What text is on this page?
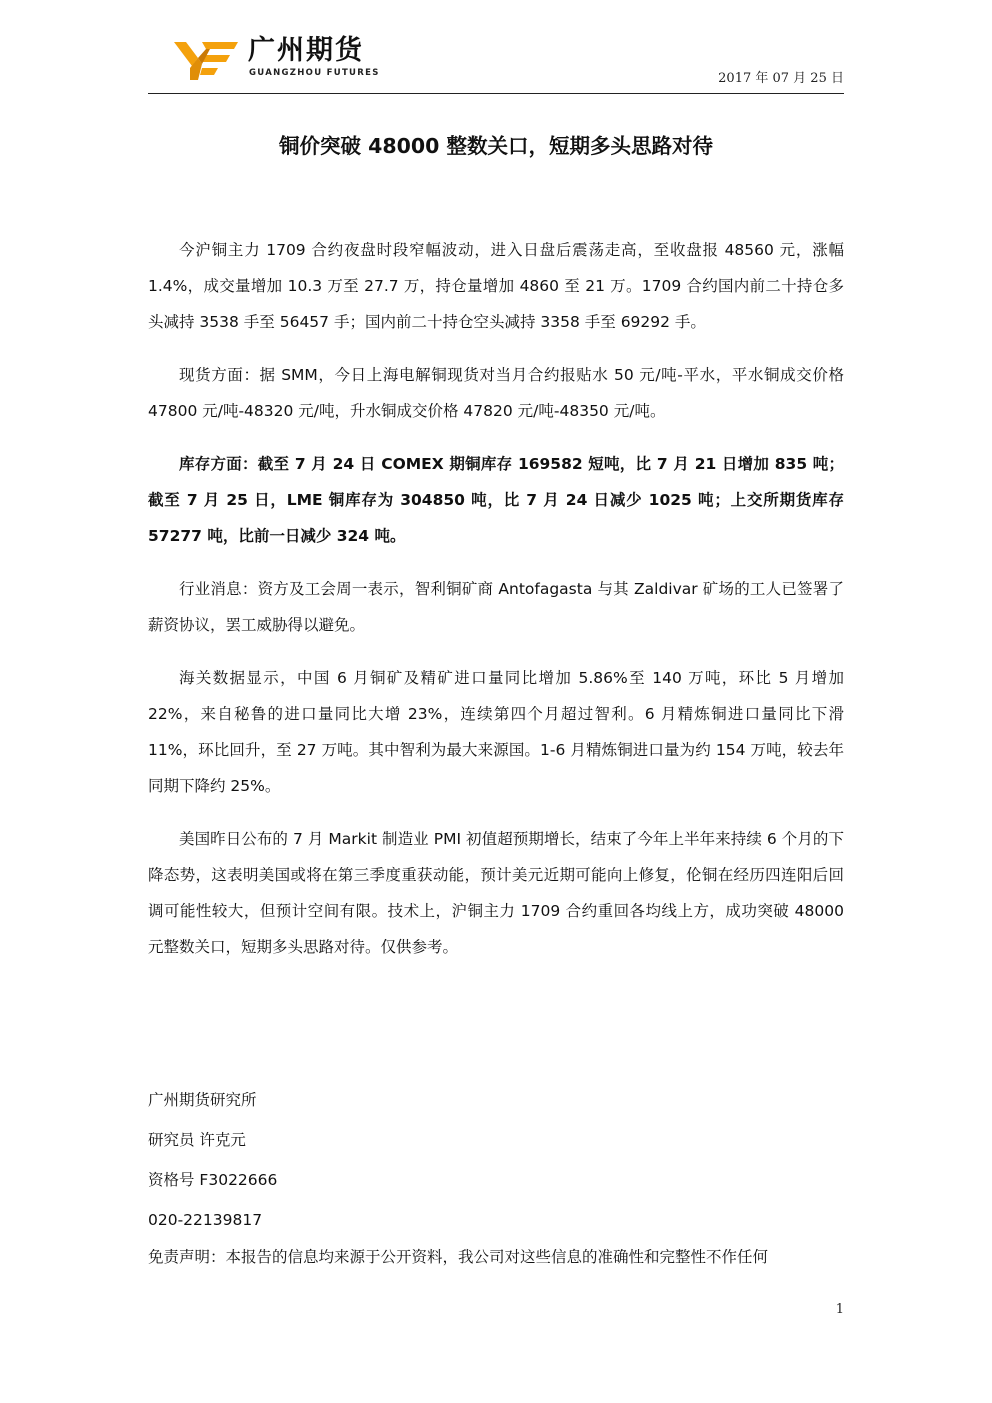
广州期货
GUANGZHOU FUTURES	2017 年 07 月 25 日
铜价突破 48000 整数关口，短期多头思路对待

今沪铜主力 1709 合约夜盘时段窄幅波动，进入日盘后震荡走高，至收盘报 48560 元，涨幅 1.4%，成交量增加 10.3 万至 27.7 万，持仓量增加 4860 至 21 万。1709 合约国内前二十持仓多头减持 3538 手至 56457 手；国内前二十持仓空头减持 3358 手至 69292 手。

现货方面：据 SMM，今日上海电解铜现货对当月合约报贴水 50 元/吨-平水，平水铜成交价格 47800 元/吨-48320 元/吨，升水铜成交价格 47820 元/吨-48350 元/吨。

库存方面：截至 7 月 24 日 COMEX 期铜库存 169582 短吨，比 7 月 21 日增加 835 吨；截至 7 月 25 日，LME 铜库存为 304850 吨，比 7 月 24 日减少 1025 吨；上交所期货库存 57277 吨，比前一日减少 324 吨。

行业消息：资方及工会周一表示，智利铜矿商 Antofagasta 与其 Zaldivar 矿场的工人已签署了薪资协议，罢工威胁得以避免。

海关数据显示，中国 6 月铜矿及精矿进口量同比增加 5.86%至 140 万吨，环比 5 月增加 22%，来自秘鲁的进口量同比大增 23%，连续第四个月超过智利。6 月精炼铜进口量同比下滑 11%，环比回升，至 27 万吨。其中智利为最大来源国。1-6 月精炼铜进口量为约 154 万吨，较去年同期下降约 25%。

美国昨日公布的 7 月 Markit 制造业 PMI 初值超预期增长，结束了今年上半年来持续 6 个月的下降态势，这表明美国或将在第三季度重获动能，预计美元近期可能向上修复，伦铜在经历四连阳后回调可能性较大，但预计空间有限。技术上，沪铜主力 1709 合约重回各均线上方，成功突破 48000 元整数关口，短期多头思路对待。仅供参考。

广州期货研究所

研究员 许克元

资格号 F3022666

020-22139817

免责声明：本报告的信息均来源于公开资料，我公司对这些信息的准确性和完整性不作任何

1
